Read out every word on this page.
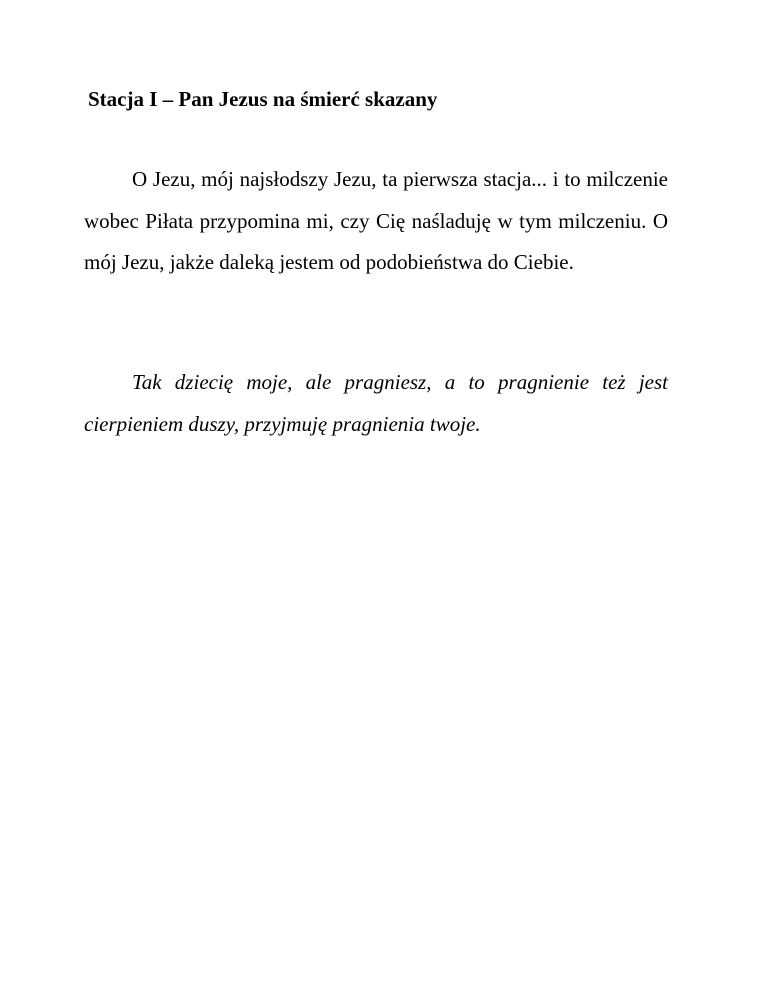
Stacja I – Pan Jezus na śmierć skazany

O Jezu, mój najsłodszy Jezu, ta pierwsza stacja... i to milczenie wobec Piłata przypomina mi, czy Cię naśladuję w tym milczeniu. O mój Jezu, jakże daleką jestem od podobieństwa do Ciebie.

Tak dziecię moje, ale pragniesz, a to pragnienie też jest cierpieniem duszy, przyjmuję pragnienia twoje.
